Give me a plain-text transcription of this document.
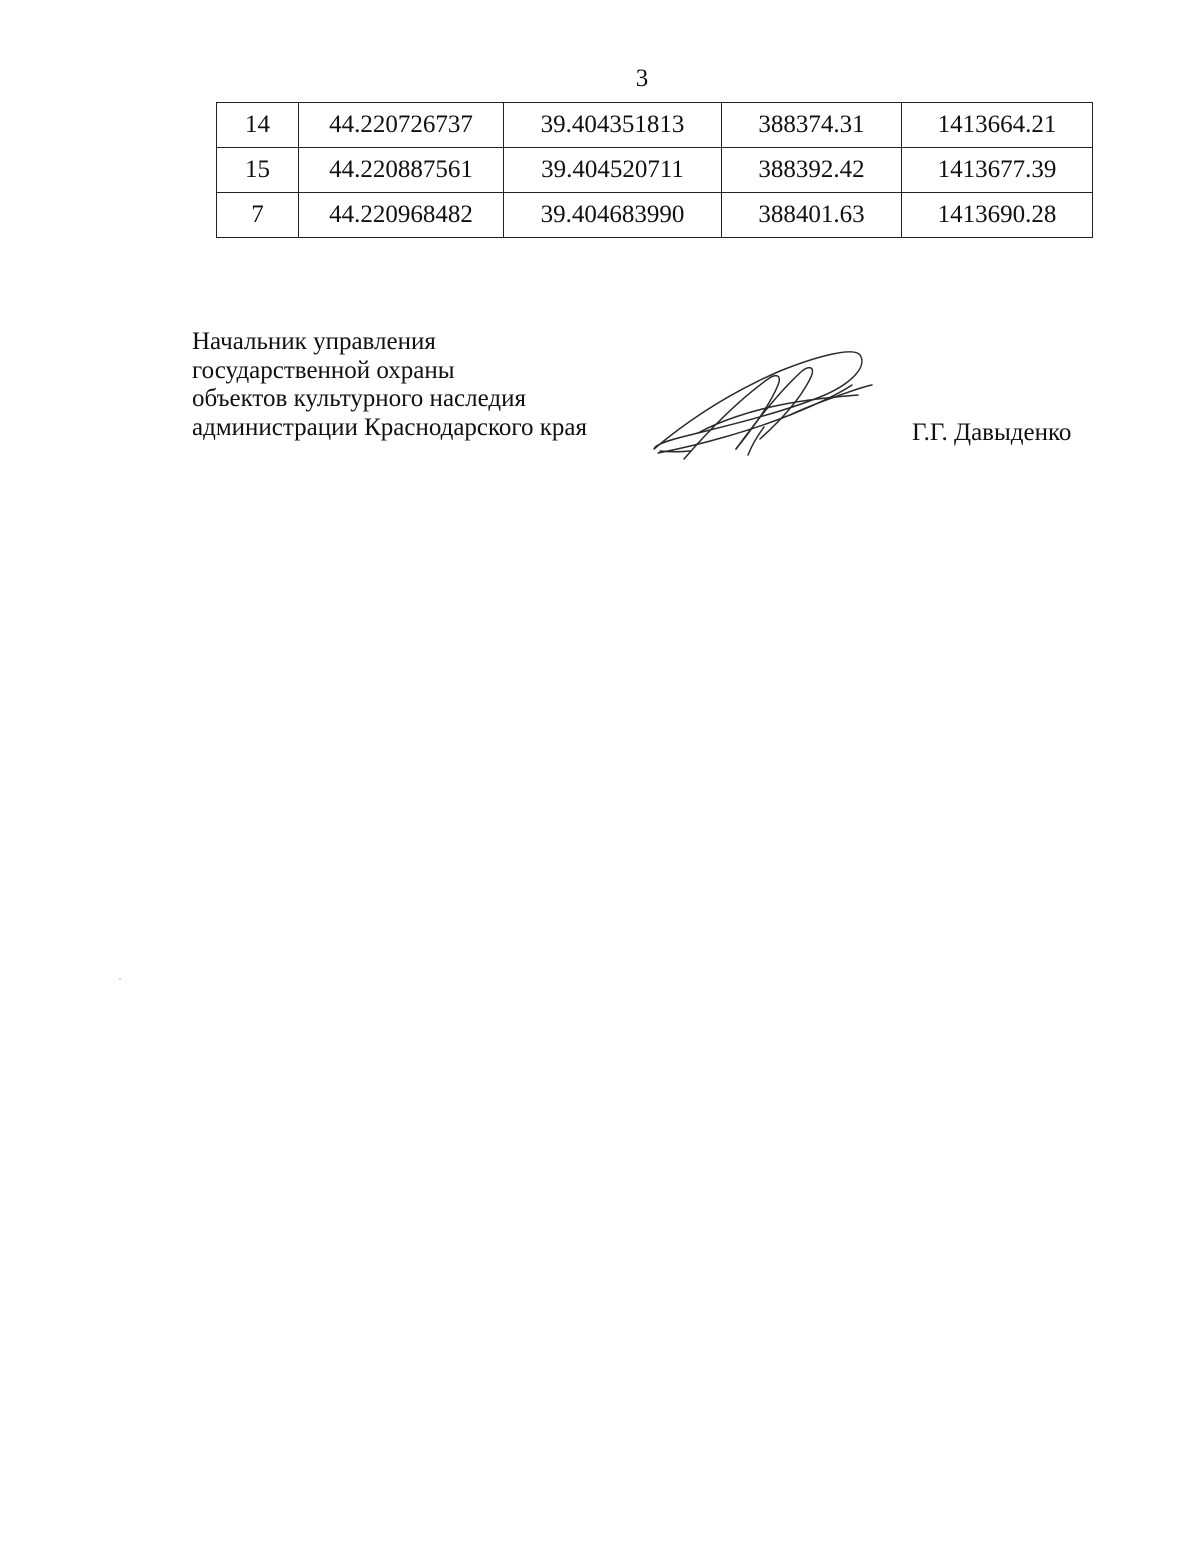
3
14	44.220726737	39.404351813	388374.31	1413664.21
15	44.220887561	39.404520711	388392.42	1413677.39
7	44.220968482	39.404683990	388401.63	1413690.28
Начальник управления
государственной охраны
объектов культурного наследия
администрации Краснодарского края	Г.Г. Давыденко
